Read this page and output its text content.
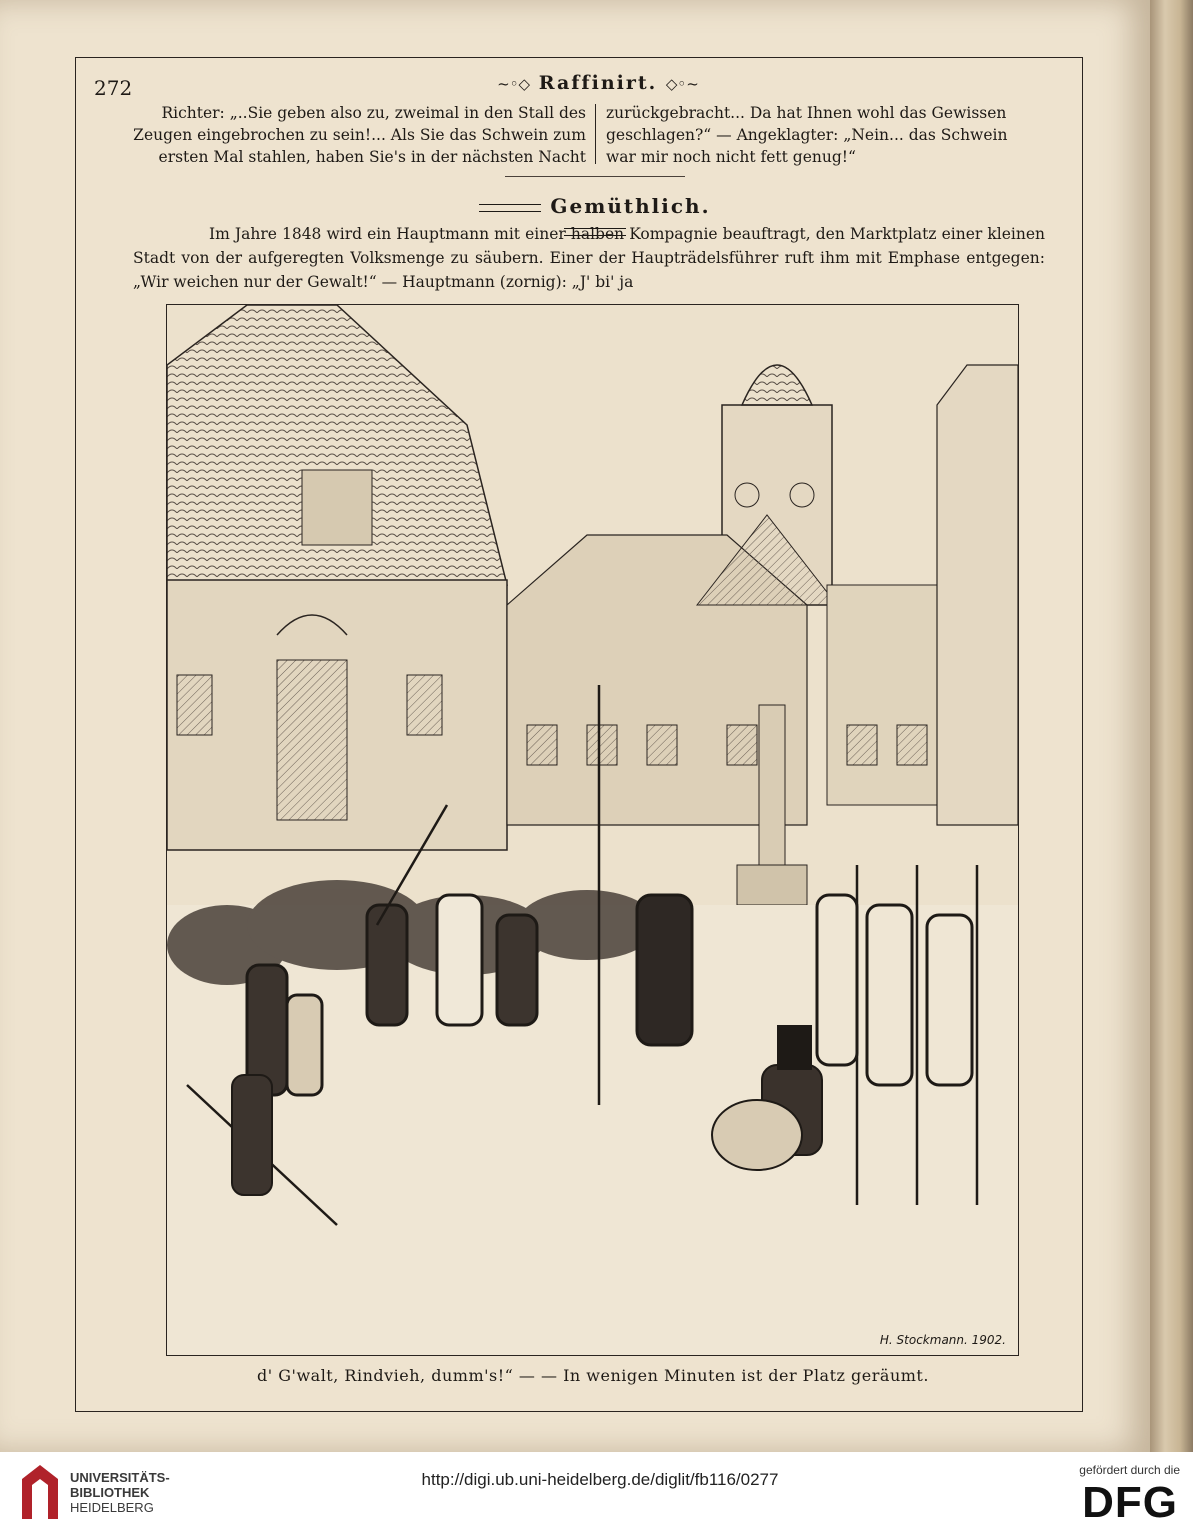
272	~◦◇ Raffinirt. ◇◦~
Richter: „..Sie geben also zu, zweimal in den Stall des Zeugen eingebrochen zu sein!... Als Sie das Schwein zum ersten Mal stahlen, haben Sie's in der nächsten Nacht
zurückgebracht... Da hat Ihnen wohl das Gewissen geschlagen?“ — Angeklagter: „Nein... das Schwein war mir noch nicht fett genug!“
Gemüthlich.

Im Jahre 1848 wird ein Hauptmann mit einer halben Kompagnie beauftragt, den Marktplatz einer kleinen Stadt von der aufgeregten Volksmenge zu säubern. Einer der Haupträdelsführer ruft ihm mit Emphase entgegen: „Wir weichen nur der Gewalt!“ — Hauptmann (zornig): „J' bi' ja

H. Stockmann. 1902.
d' G'walt, Rindvieh, dumm's!“ — — In wenigen Minuten ist der Platz geräumt.
UNIVERSITÄTS-
BIBLIOTHEK
HEIDELBERG
http://digi.ub.uni-heidelberg.de/diglit/fb116/0277	gefördert durch die
DFG
